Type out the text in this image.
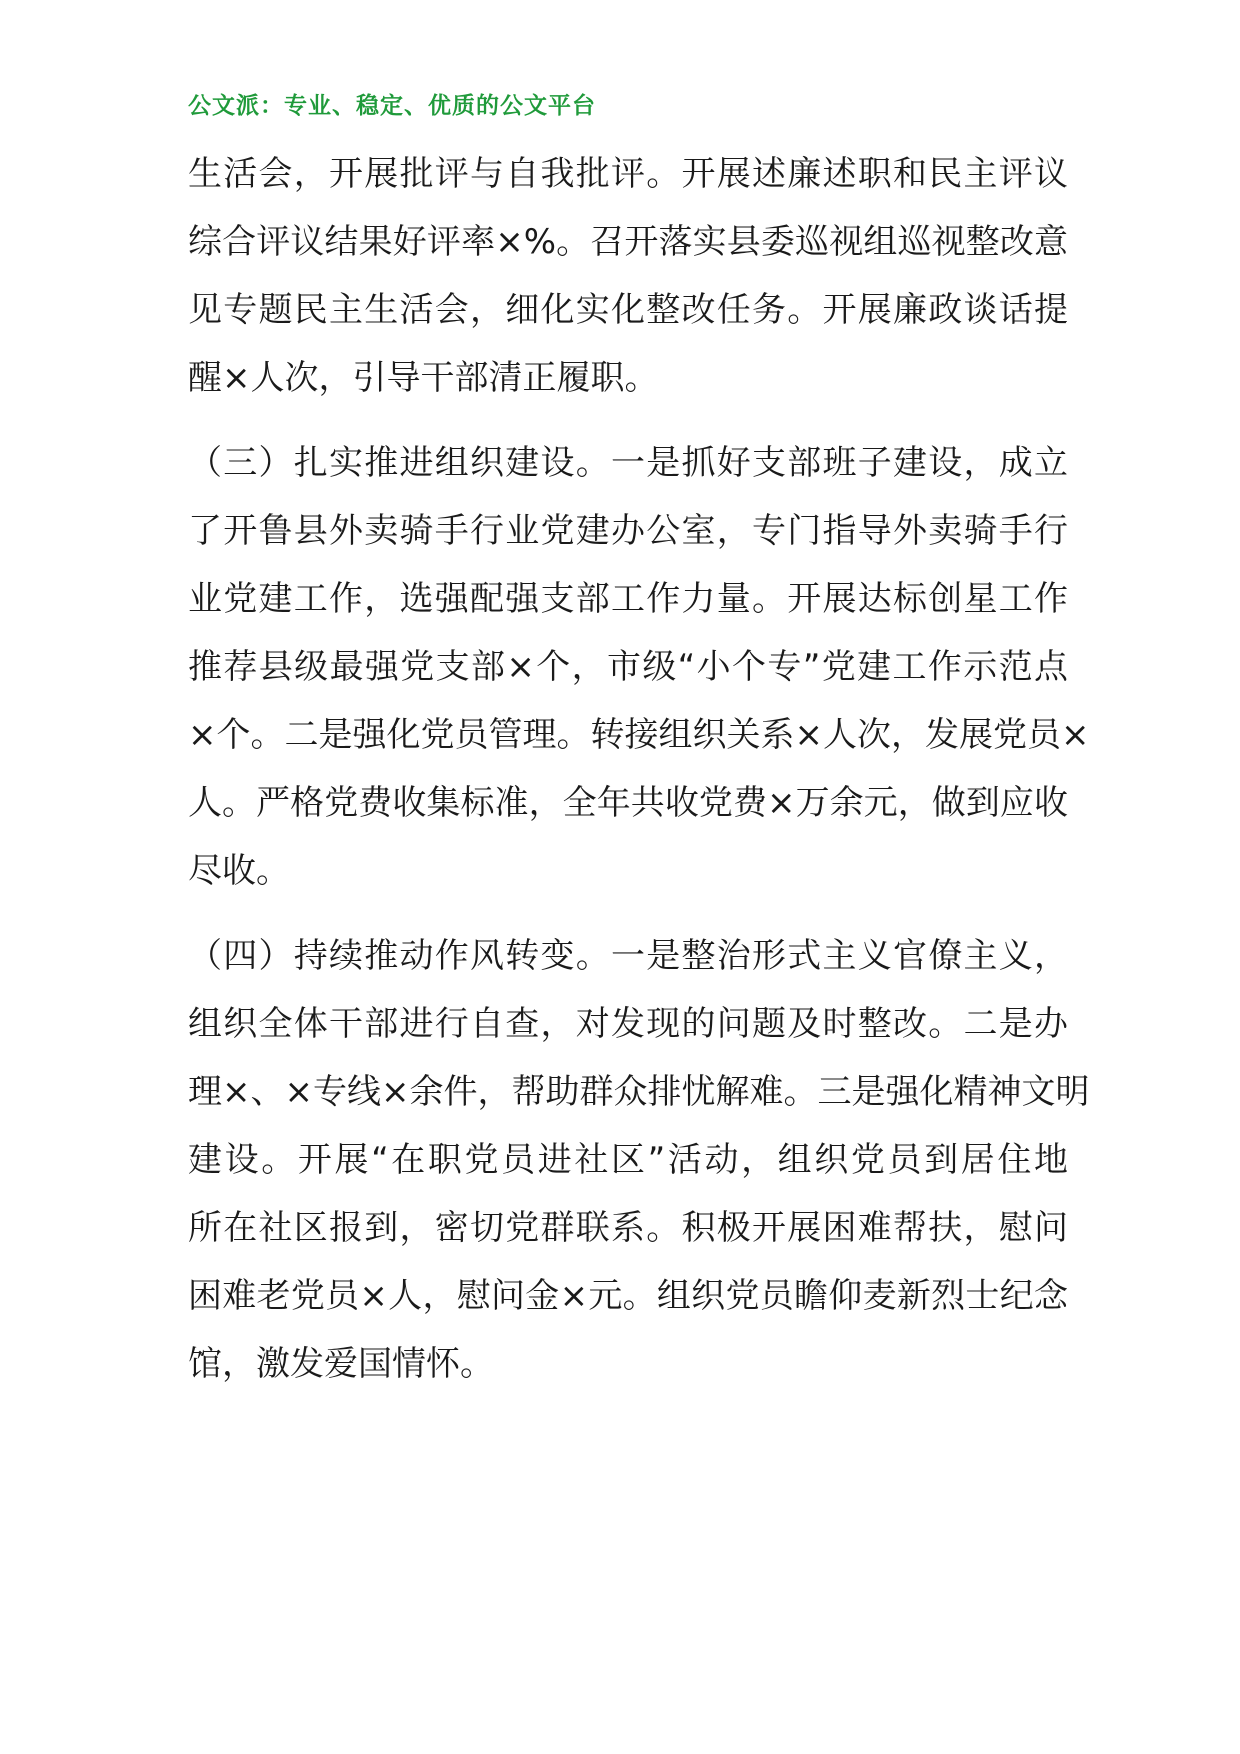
公文派：专业、稳定、优质的公文平台
生活会，开展批评与自我批评。开展述廉述职和民主评议
综合评议结果好评率×%。召开落实县委巡视组巡视整改意
见专题民主生活会，细化实化整改任务。开展廉政谈话提
醒×人次，引导干部清正履职。
（三）扎实推进组织建设。一是抓好支部班子建设，成立
了开鲁县外卖骑手行业党建办公室，专门指导外卖骑手行
业党建工作，选强配强支部工作力量。开展达标创星工作
推荐县级最强党支部×个，市级“小个专”党建工作示范点
×个。二是强化党员管理。转接组织关系×人次，发展党员×
人。严格党费收集标准，全年共收党费×万余元，做到应收
尽收。
（四）持续推动作风转变。一是整治形式主义官僚主义，
组织全体干部进行自查，对发现的问题及时整改。二是办
理×、×专线×余件，帮助群众排忧解难。三是强化精神文明
建设。开展“在职党员进社区”活动，组织党员到居住地
所在社区报到，密切党群联系。积极开展困难帮扶，慰问
困难老党员×人，慰问金×元。组织党员瞻仰麦新烈士纪念
馆，激发爱国情怀。
